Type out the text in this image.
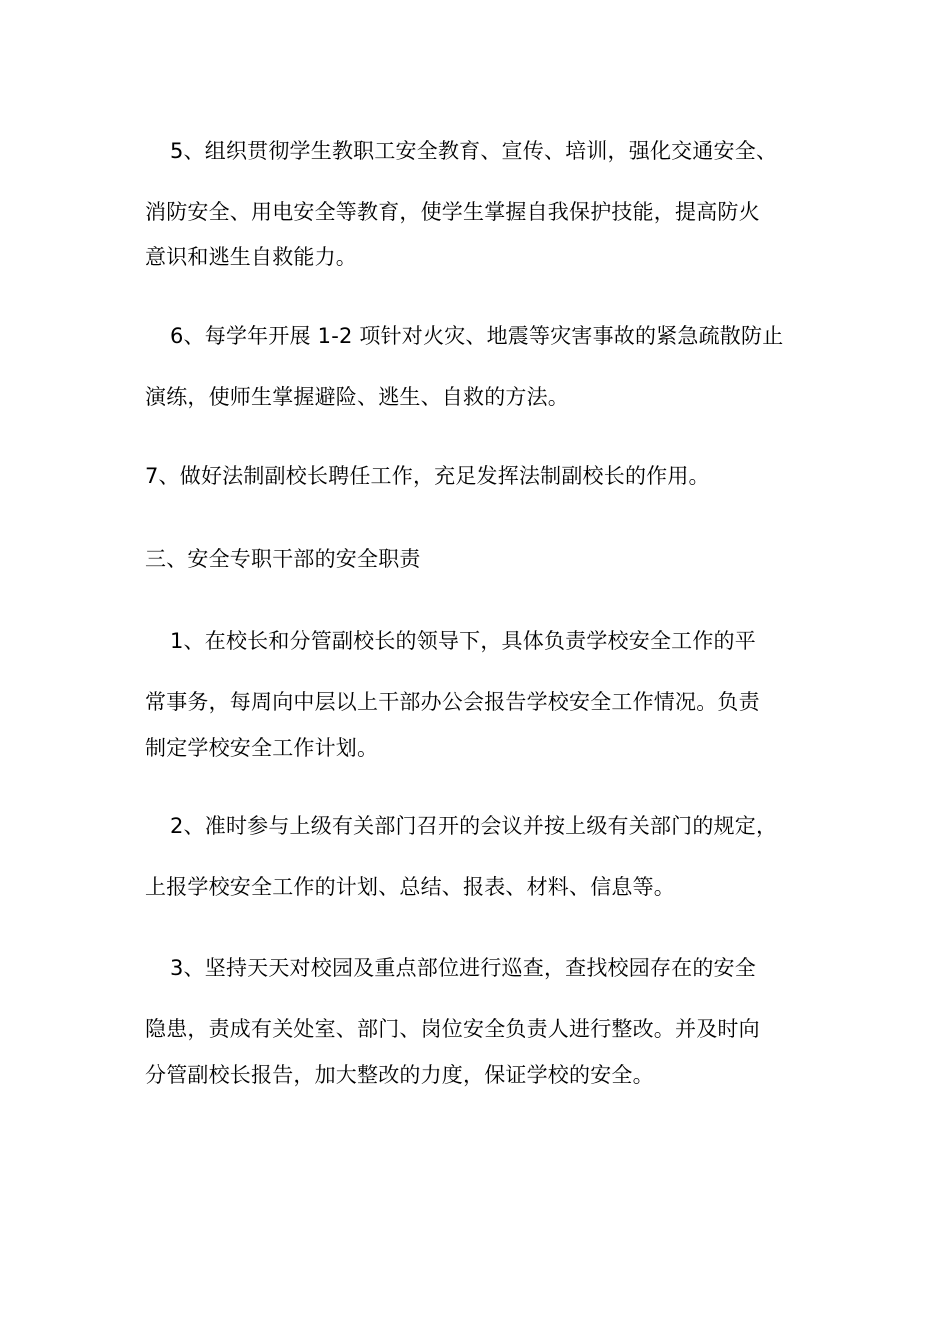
5、组织贯彻学生教职工安全教育、宣传、培训，强化交通安全、
消防安全、用电安全等教育，使学生掌握自我保护技能，提高防火
意识和逃生自救能力。
6、每学年开展 1-2 项针对火灾、地震等灾害事故的紧急疏散防止
演练，使师生掌握避险、逃生、自救的方法。
7、做好法制副校长聘任工作，充足发挥法制副校长的作用。
三、安全专职干部的安全职责
1、在校长和分管副校长的领导下，具体负责学校安全工作的平
常事务，每周向中层以上干部办公会报告学校安全工作情况。负责
制定学校安全工作计划。
2、准时参与上级有关部门召开的会议并按上级有关部门的规定，
上报学校安全工作的计划、总结、报表、材料、信息等。
3、坚持天天对校园及重点部位进行巡查，查找校园存在的安全
隐患，责成有关处室、部门、岗位安全负责人进行整改。并及时向
分管副校长报告，加大整改的力度，保证学校的安全。
